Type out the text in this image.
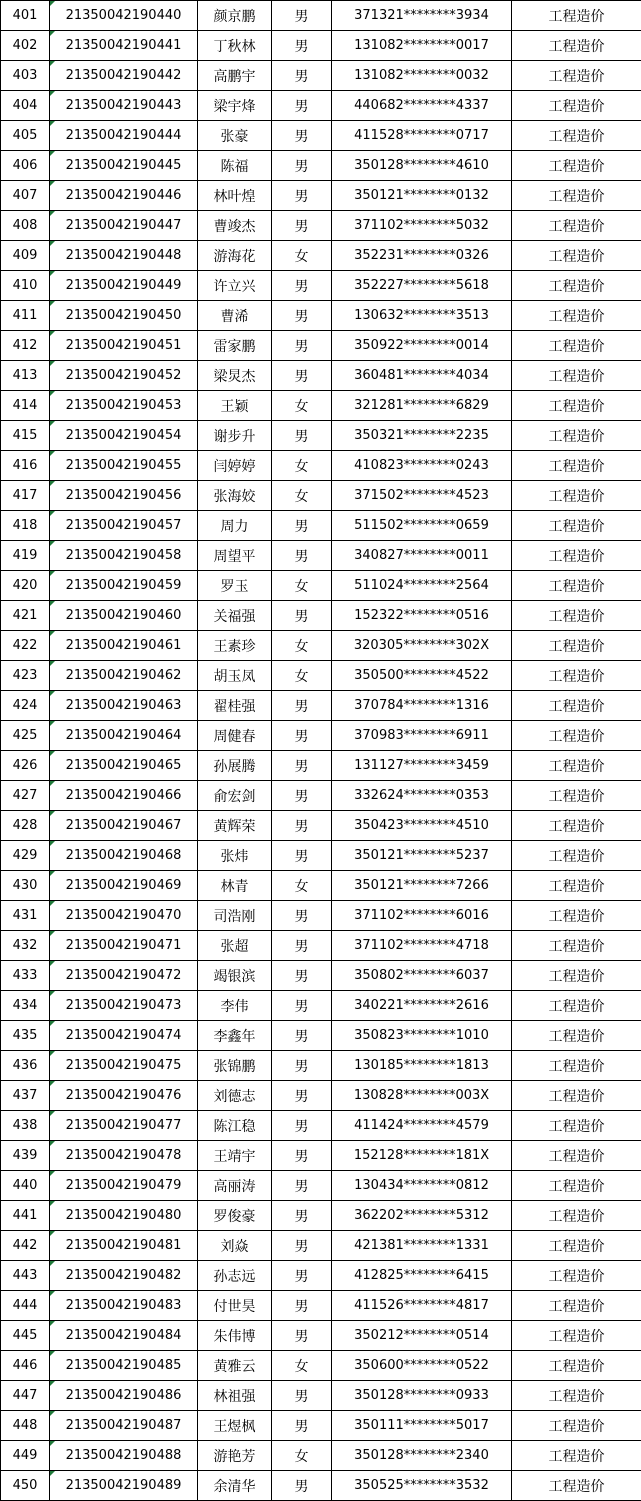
401	21350042190440	颜京鹏	男	371321********3934	工程造价
402	21350042190441	丁秋林	男	131082********0017	工程造价
403	21350042190442	高鹏宇	男	131082********0032	工程造价
404	21350042190443	梁宇烽	男	440682********4337	工程造价
405	21350042190444	张豪	男	411528********0717	工程造价
406	21350042190445	陈福	男	350128********4610	工程造价
407	21350042190446	林叶煌	男	350121********0132	工程造价
408	21350042190447	曹竣杰	男	371102********5032	工程造价
409	21350042190448	游海花	女	352231********0326	工程造价
410	21350042190449	许立兴	男	352227********5618	工程造价
411	21350042190450	曹浠	男	130632********3513	工程造价
412	21350042190451	雷家鹏	男	350922********0014	工程造价
413	21350042190452	梁炅杰	男	360481********4034	工程造价
414	21350042190453	王颖	女	321281********6829	工程造价
415	21350042190454	谢步升	男	350321********2235	工程造价
416	21350042190455	闫婷婷	女	410823********0243	工程造价
417	21350042190456	张海姣	女	371502********4523	工程造价
418	21350042190457	周力	男	511502********0659	工程造价
419	21350042190458	周望平	男	340827********0011	工程造价
420	21350042190459	罗玉	女	511024********2564	工程造价
421	21350042190460	关福强	男	152322********0516	工程造价
422	21350042190461	王素珍	女	320305********302X	工程造价
423	21350042190462	胡玉凤	女	350500********4522	工程造价
424	21350042190463	翟桂强	男	370784********1316	工程造价
425	21350042190464	周健春	男	370983********6911	工程造价
426	21350042190465	孙展腾	男	131127********3459	工程造价
427	21350042190466	俞宏剑	男	332624********0353	工程造价
428	21350042190467	黄辉荣	男	350423********4510	工程造价
429	21350042190468	张炜	男	350121********5237	工程造价
430	21350042190469	林青	女	350121********7266	工程造价
431	21350042190470	司浩刚	男	371102********6016	工程造价
432	21350042190471	张超	男	371102********4718	工程造价
433	21350042190472	竭银滨	男	350802********6037	工程造价
434	21350042190473	李伟	男	340221********2616	工程造价
435	21350042190474	李鑫年	男	350823********1010	工程造价
436	21350042190475	张锦鹏	男	130185********1813	工程造价
437	21350042190476	刘德志	男	130828********003X	工程造价
438	21350042190477	陈江稳	男	411424********4579	工程造价
439	21350042190478	王靖宇	男	152128********181X	工程造价
440	21350042190479	高丽涛	男	130434********0812	工程造价
441	21350042190480	罗俊豪	男	362202********5312	工程造价
442	21350042190481	刘焱	男	421381********1331	工程造价
443	21350042190482	孙志远	男	412825********6415	工程造价
444	21350042190483	付世昊	男	411526********4817	工程造价
445	21350042190484	朱伟博	男	350212********0514	工程造价
446	21350042190485	黄雅云	女	350600********0522	工程造价
447	21350042190486	林祖强	男	350128********0933	工程造价
448	21350042190487	王煜枫	男	350111********5017	工程造价
449	21350042190488	游艳芳	女	350128********2340	工程造价
450	21350042190489	余清华	男	350525********3532	工程造价
